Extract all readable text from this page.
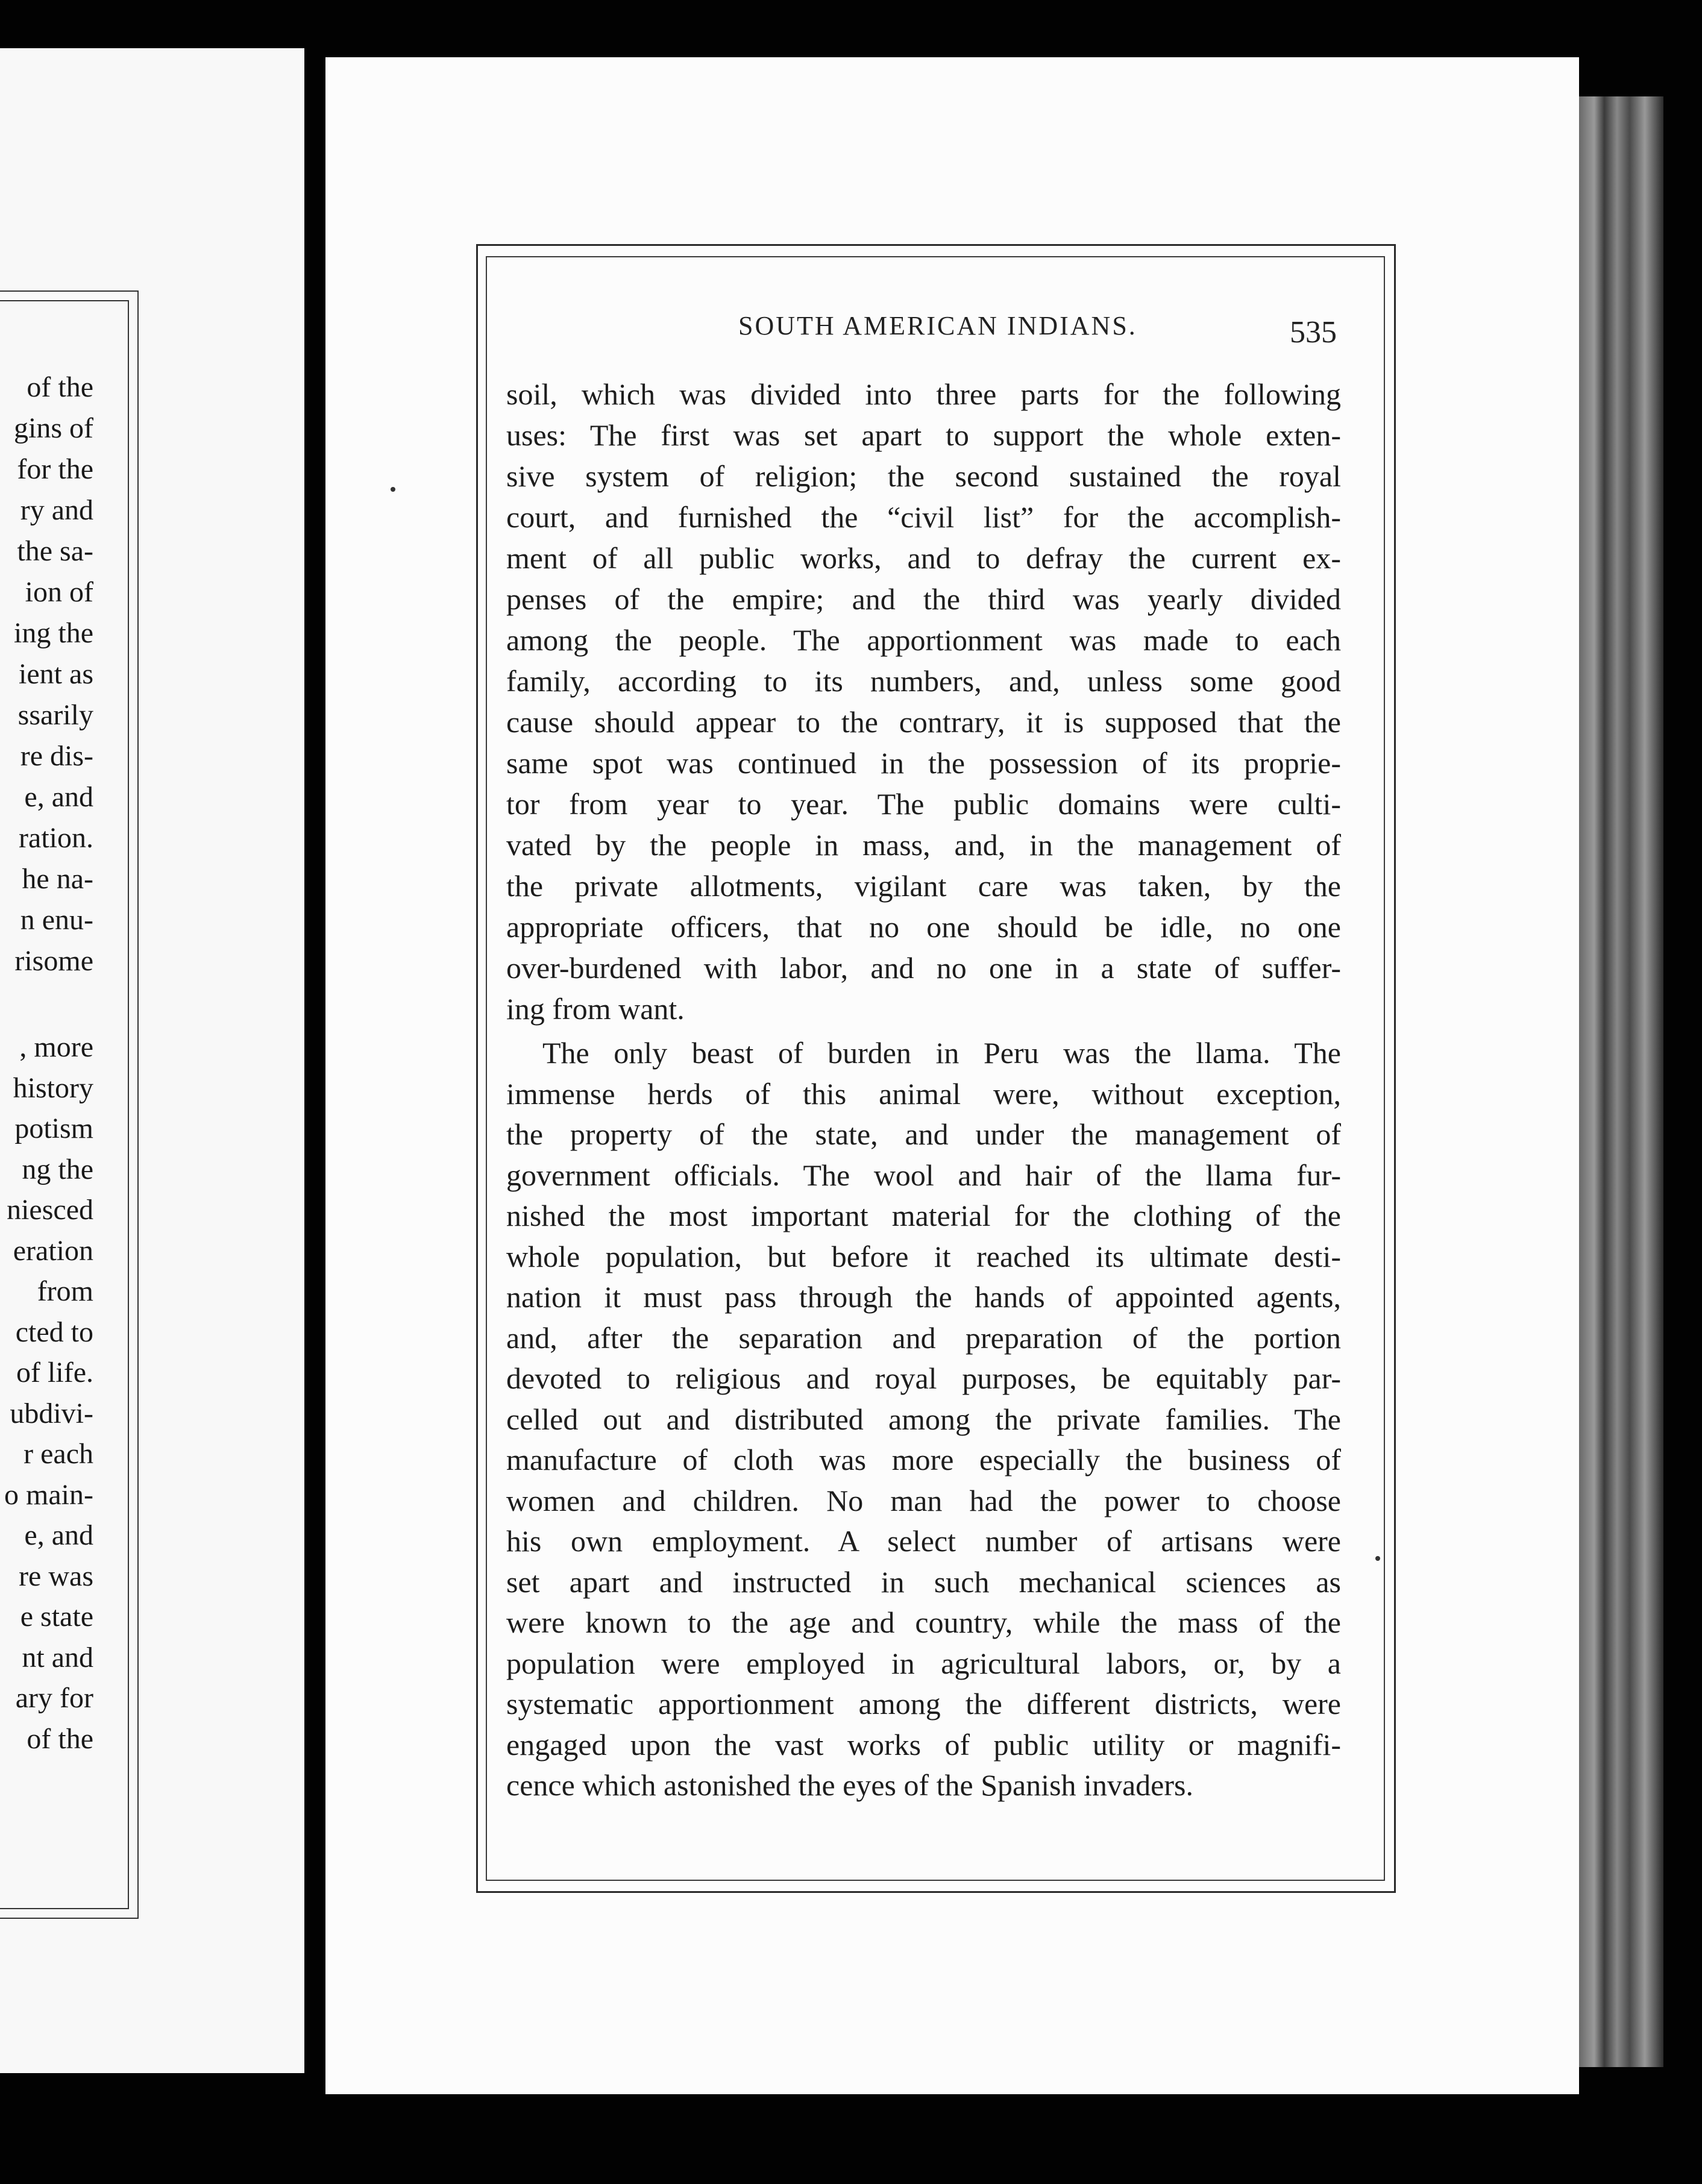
of the
gins of
for the
ry and
the sa-
ion of
ing the
ient as
ssarily
re dis-
e, and
ration.
he na-
n enu-
risome
, more
history
potism
ng the
niesced
eration
from
cted to
of life.
ubdivi-
r each
o main-
e, and
re was
e state
nt and
ary for
of the
SOUTH AMERICAN INDIANS.	535
soil, which was divided into three parts for the following
uses: The first was set apart to support the whole exten-
sive system of religion; the second sustained the royal
court, and furnished the “civil list” for the accomplish-
ment of all public works, and to defray the current ex-
penses of the empire; and the third was yearly divided
among the people. The apportionment was made to each
family, according to its numbers, and, unless some good
cause should appear to the contrary, it is supposed that the
same spot was continued in the possession of its proprie-
tor from year to year. The public domains were culti-
vated by the people in mass, and, in the management of
the private allotments, vigilant care was taken, by the
appropriate officers, that no one should be idle, no one
over-burdened with labor, and no one in a state of suffer-
ing from want.
The only beast of burden in Peru was the llama. The
immense herds of this animal were, without exception,
the property of the state, and under the management of
government officials. The wool and hair of the llama fur-
nished the most important material for the clothing of the
whole population, but before it reached its ultimate desti-
nation it must pass through the hands of appointed agents,
and, after the separation and preparation of the portion
devoted to religious and royal purposes, be equitably par-
celled out and distributed among the private families. The
manufacture of cloth was more especially the business of
women and children. No man had the power to choose
his own employment. A select number of artisans were
set apart and instructed in such mechanical sciences as
were known to the age and country, while the mass of the
population were employed in agricultural labors, or, by a
systematic apportionment among the different districts, were
engaged upon the vast works of public utility or magnifi-
cence which astonished the eyes of the Spanish invaders.
